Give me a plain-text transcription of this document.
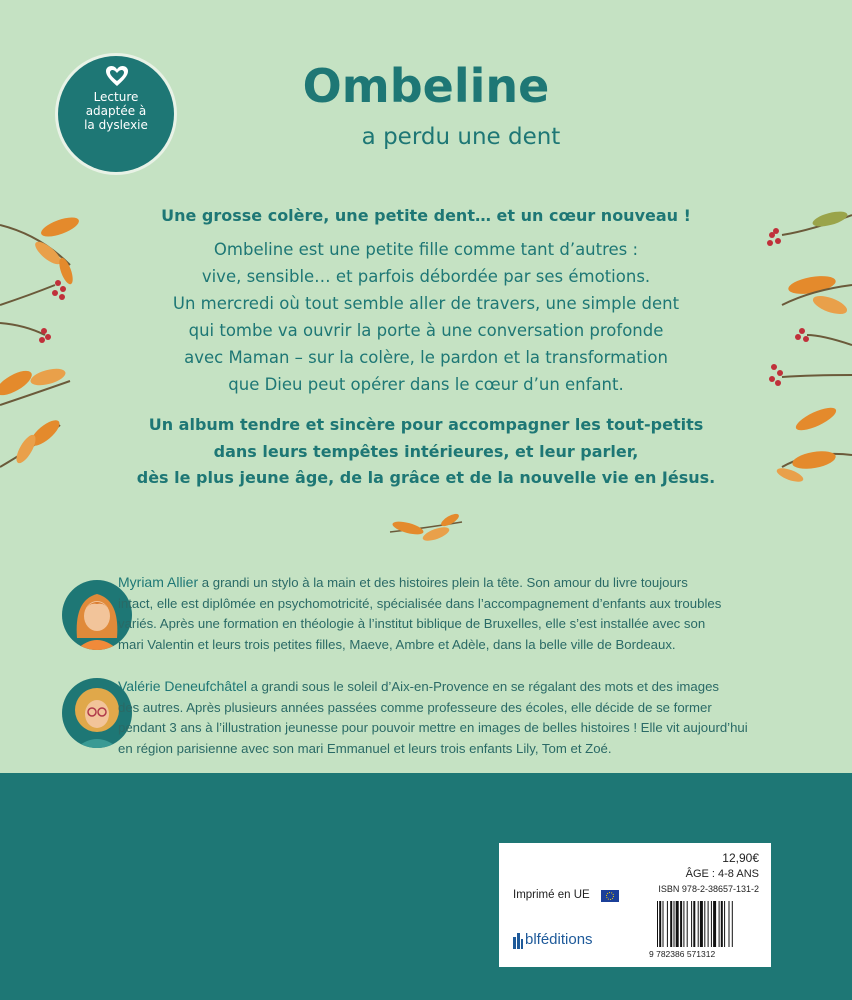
Lecture
adaptée à
la dyslexie
Ombeline
a perdu une dent
Une grosse colère, une petite dent… et un cœur nouveau !
Ombeline est une petite fille comme tant d’autres :
vive, sensible… et parfois débordée par ses émotions.
Un mercredi où tout semble aller de travers, une simple dent
qui tombe va ouvrir la porte à une conversation profonde
avec Maman – sur la colère, le pardon et la transformation
que Dieu peut opérer dans le cœur d’un enfant.
Un album tendre et sincère pour accompagner les tout-petits
dans leurs tempêtes intérieures, et leur parler,
dès le plus jeune âge, de la grâce et de la nouvelle vie en Jésus.
Myriam Allier a grandi un stylo à la main et des histoires plein la tête. Son amour du livre toujours
intact, elle est diplômée en psychomotricité, spécialisée dans l’accompagnement d’enfants aux troubles
variés. Après une formation en théologie à l’institut biblique de Bruxelles, elle s’est installée avec son
mari Valentin et leurs trois petites filles, Maeve, Ambre et Adèle, dans la belle ville de Bordeaux.
Valérie Deneufchâtel a grandi sous le soleil d’Aix-en-Provence en se régalant des mots et des images
des autres. Après plusieurs années passées comme professeure des écoles, elle décide de se former
pendant 3 ans à l’illustration jeunesse pour pouvoir mettre en images de belles histoires ! Elle vit aujourd’hui
en région parisienne avec son mari Emmanuel et leurs trois enfants Lily, Tom et Zoé.
12,90€
ÂGE : 4-8 ANS
ISBN 978-2-38657-131-2
Imprimé en UE
blféditions
9 782386 571312
